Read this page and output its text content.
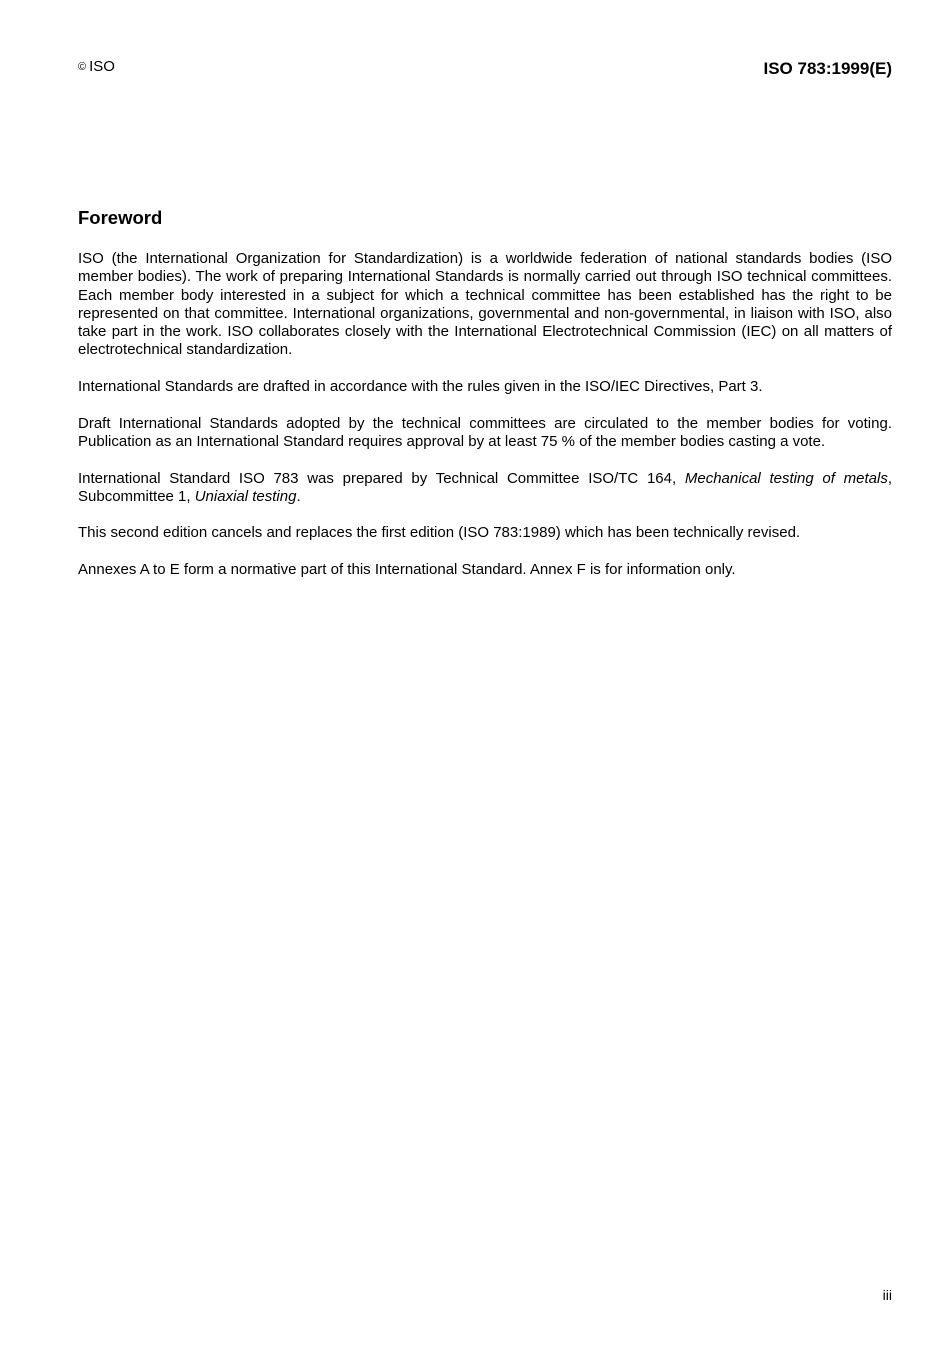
© ISO	ISO 783:1999(E)
Foreword

ISO (the International Organization for Standardization) is a worldwide federation of national standards bodies (ISO member bodies). The work of preparing International Standards is normally carried out through ISO technical committees. Each member body interested in a subject for which a technical committee has been established has the right to be represented on that committee. International organizations, governmental and non-governmental, in liaison with ISO, also take part in the work. ISO collaborates closely with the International Electrotechnical Commission (IEC) on all matters of electrotechnical standardization.

International Standards are drafted in accordance with the rules given in the ISO/IEC Directives, Part 3.

Draft International Standards adopted by the technical committees are circulated to the member bodies for voting. Publication as an International Standard requires approval by at least 75 % of the member bodies casting a vote.

International Standard ISO 783 was prepared by Technical Committee ISO/TC 164, Mechanical testing of metals, Subcommittee 1, Uniaxial testing.

This second edition cancels and replaces the first edition (ISO 783:1989) which has been technically revised.

Annexes A to E form a normative part of this International Standard. Annex F is for information only.

iii
